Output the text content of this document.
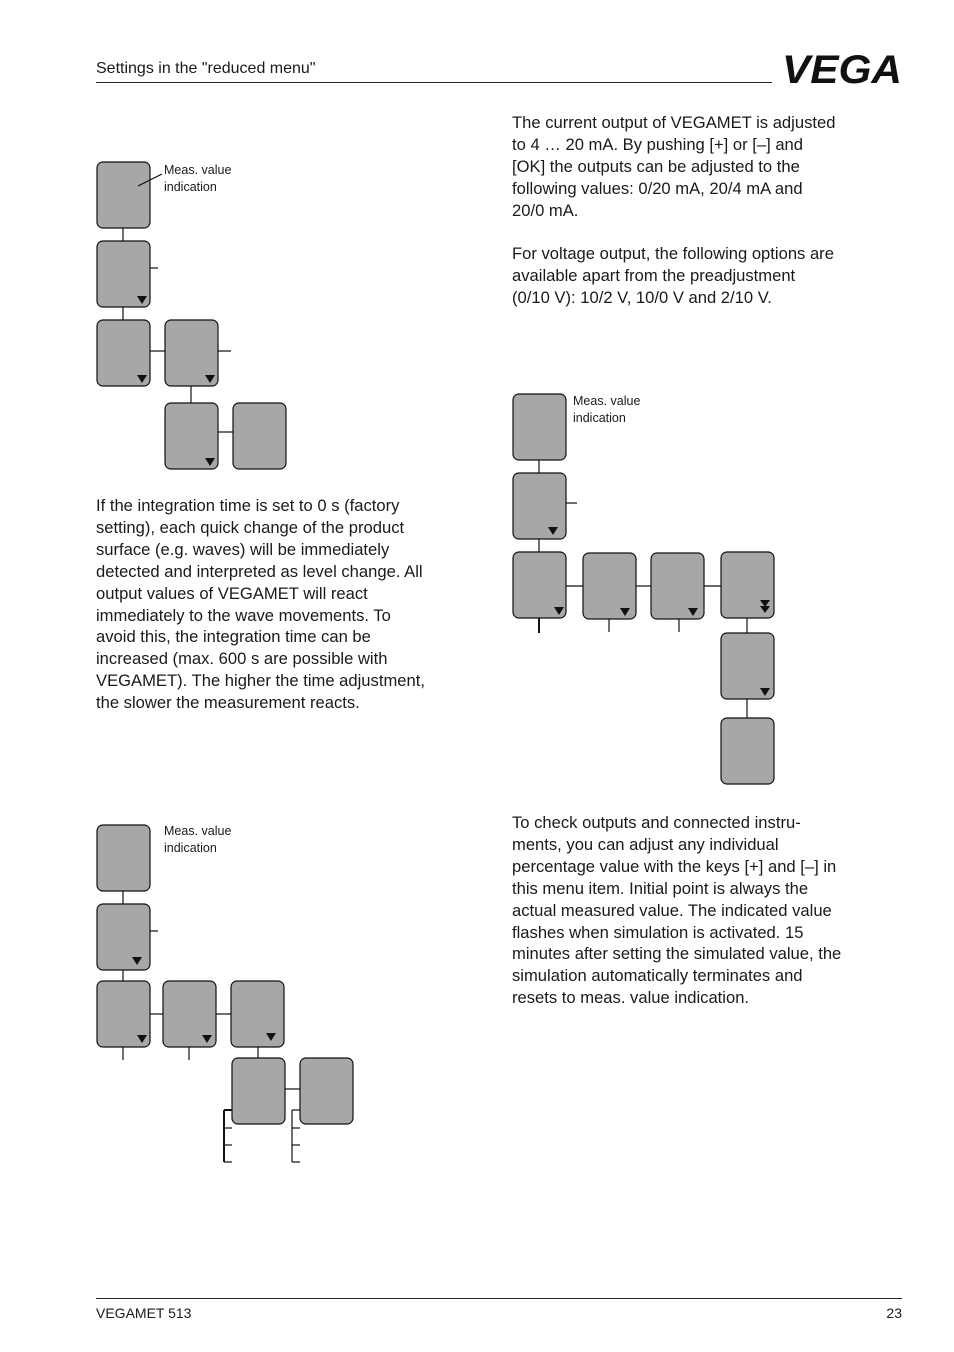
Settings in the "reduced menu"	VEGA
If the integration time is set to 0 s (factory
setting), each quick change of the product
surface (e.g. waves) will be immediately
detected and interpreted as level change. All
output values of VEGAMET will react
immediately to the wave movements. To
avoid this, the integration time can be
increased (max. 600 s are possible with
VEGAMET). The higher the time adjustment,
the slower the measurement reacts.
The current output of VEGAMET is adjusted
to 4 … 20 mA. By pushing [+] or [–] and
[OK] the outputs can be adjusted to the
following values: 0/20 mA, 20/4 mA and
20/0 mA.

For voltage output, the following options are
available apart from the preadjustment
(0/10 V): 10/2 V, 10/0 V and 2/10 V.
To check outputs and connected instru-
ments, you can adjust any individual
percentage value with the keys [+] and [–] in
this menu item. Initial point is always the
actual measured value. The indicated value
flashes when simulation is activated. 15
minutes after setting the simulated value, the
simulation automatically terminates and
resets to meas. value indication.
Meas. value
indication
Meas. value
indication
Meas. value
indication
VEGAMET 513	23
